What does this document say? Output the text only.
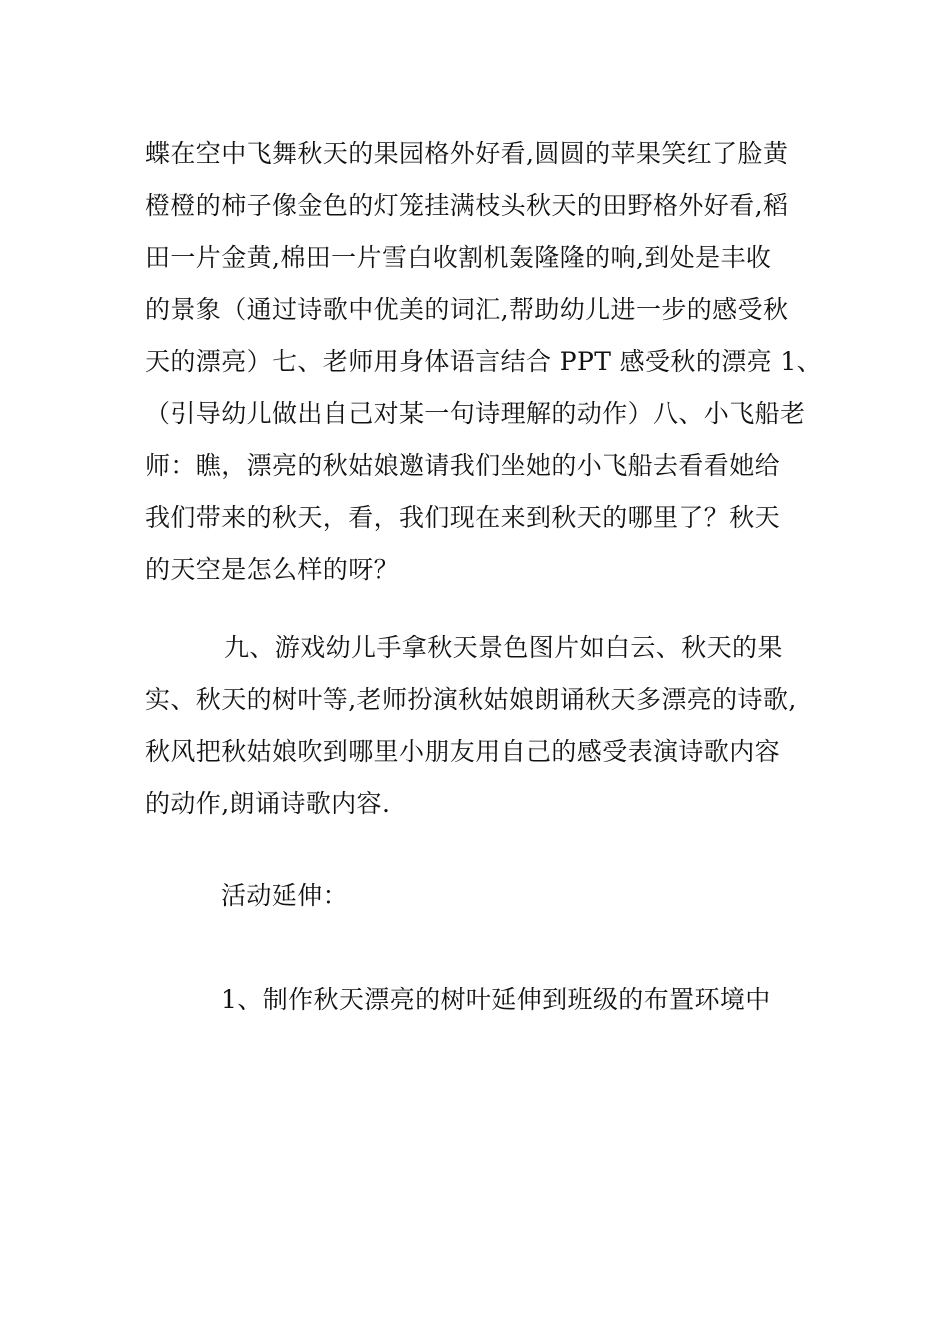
蝶在空中飞舞秋天的果园格外好看,圆圆的苹果笑红了脸黄
橙橙的柿子像金色的灯笼挂满枝头秋天的田野格外好看,稻
田一片金黄,棉田一片雪白收割机轰隆隆的响,到处是丰收
的景象（通过诗歌中优美的词汇,帮助幼儿进一步的感受秋
天的漂亮）七、老师用身体语言结合 PPT 感受秋的漂亮 1、
（引导幼儿做出自己对某一句诗理解的动作）八、小飞船老
师：瞧，漂亮的秋姑娘邀请我们坐她的小飞船去看看她给
我们带来的秋天，看，我们现在来到秋天的哪里了？秋天
的天空是怎么样的呀？
九、游戏幼儿手拿秋天景色图片如白云、秋天的果
实、秋天的树叶等,老师扮演秋姑娘朗诵秋天多漂亮的诗歌,
秋风把秋姑娘吹到哪里小朋友用自己的感受表演诗歌内容
的动作,朗诵诗歌内容.
活动延伸：
1、制作秋天漂亮的树叶延伸到班级的布置环境中
